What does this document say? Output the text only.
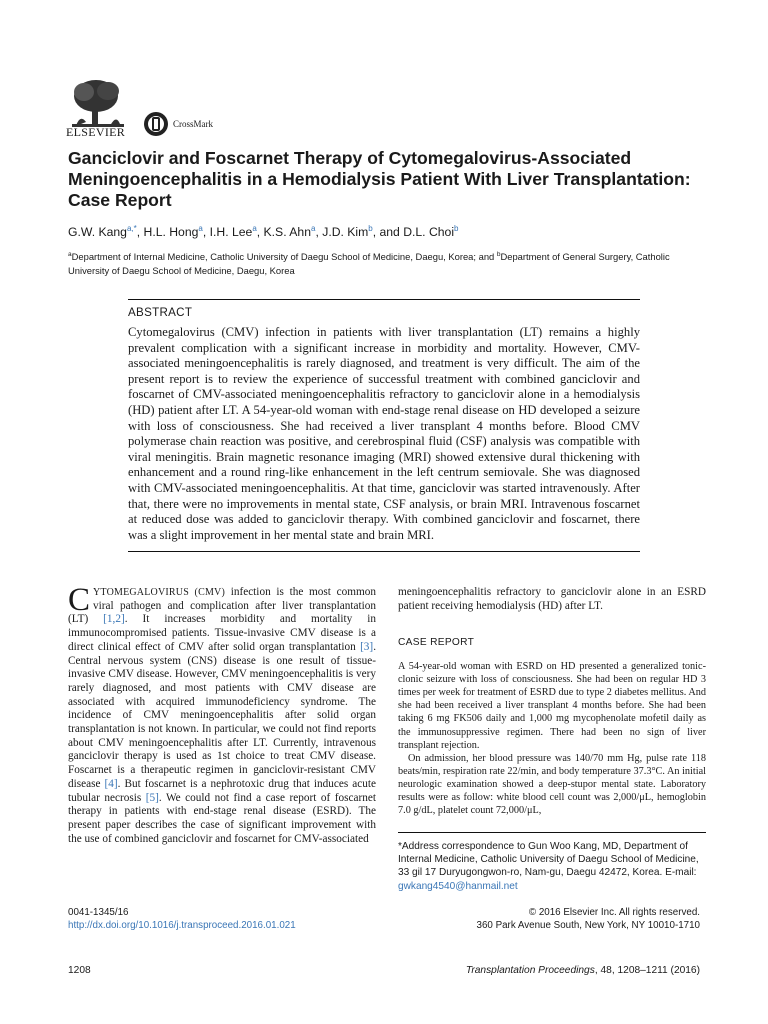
ELSEVIER
CrossMark
Ganciclovir and Foscarnet Therapy of Cytomegalovirus-Associated Meningoencephalitis in a Hemodialysis Patient With Liver Transplantation: Case Report
G.W. Kang$^{a,*}$, H.L. Hong$^a$, I.H. Lee$^a$, K.S. Ahn$^a$, J.D. Kim$^b$, and D.L. Choi$^b$
$^a$Department of Internal Medicine, Catholic University of Daegu School of Medicine, Daegu, Korea; and $^b$Department of General Surgery, Catholic University of Daegu School of Medicine, Daegu, Korea
ABSTRACT
Cytomegalovirus (CMV) infection in patients with liver transplantation (LT) remains a highly prevalent complication with a significant increase in morbidity and mortality. However, CMV-associated meningoencephalitis is rarely diagnosed, and treatment is very difficult. The aim of the present report is to review the experience of successful treatment with combined ganciclovir and foscarnet of CMV-associated meningoencephalitis refractory to ganciclovir alone in a hemodialysis (HD) patient after LT. A 54-year-old woman with end-stage renal disease on HD developed a seizure with loss of consciousness. She had received a liver transplant 4 months before. Blood CMV polymerase chain reaction was positive, and cerebrospinal fluid (CSF) analysis was compatible with viral meningitis. Brain magnetic resonance imaging (MRI) showed extensive dural thickening with enhancement and a round ring-like enhancement in the left centrum semiovale. She was diagnosed with CMV-associated meningoencephalitis. At that time, ganciclovir was started intravenously. After that, there were no improvements in mental state, CSF analysis, or brain MRI. Intravenous foscarnet at reduced dose was added to ganciclovir therapy. With combined ganciclovir and foscarnet, there was a slight improvement in her mental state and brain MRI.
CYTOMEGALOVIRUS (CMV) infection is the most common viral pathogen and complication after liver transplantation (LT) [1,2]. It increases morbidity and mortality in immunocompromised patients. Tissue-invasive CMV disease is a direct clinical effect of CMV after solid organ transplantation [3]. Central nervous system (CNS) disease is one result of tissue-invasive CMV disease. However, CMV meningoencephalitis is very rarely diagnosed, and most patients with CMV disease are associated with acquired immunodeficiency syndrome. The incidence of CMV meningoencephalitis after solid organ transplantation is not known. In particular, we could not find reports about CMV meningoencephalitis after LT. Currently, intravenous ganciclovir therapy is used as 1st choice to treat CMV disease. Foscarnet is a therapeutic regimen in ganciclovir-resistant CMV disease [4]. But foscarnet is a nephrotoxic drug that induces acute tubular necrosis [5]. We could not find a case report of foscarnet therapy in patients with end-stage renal disease (ESRD). The present paper describes the case of significant improvement with the use of combined ganciclovir and foscarnet for CMV-associated
meningoencephalitis refractory to ganciclovir alone in an ESRD patient receiving hemodialysis (HD) after LT.
CASE REPORT
A 54-year-old woman with ESRD on HD presented a generalized tonic-clonic seizure with loss of consciousness. She had been on regular HD 3 times per week for treatment of ESRD due to type 2 diabetes mellitus. And she had been received a liver transplant 4 months before. She had been taking 6 mg FK506 daily and 1,000 mg mycophenolate mofetil daily as the immunosuppressive regimen. There had been no sign of liver transplant rejection.
On admission, her blood pressure was 140/70 mm Hg, pulse rate 118 beats/min, respiration rate 22/min, and body temperature 37.3°C. An initial neurologic examination showed a deep-stupor mental state. Laboratory results were as follow: white blood cell count was 2,000/μL, hemoglobin 7.0 g/dL, platelet count 72,000/μL,
*Address correspondence to Gun Woo Kang, MD, Department of Internal Medicine, Catholic University of Daegu School of Medicine, 33 gil 17 Duryugongwon-ro, Nam-gu, Daegu 42472, Korea. E-mail: gwkang4540@hanmail.net
0041-1345/16
http://dx.doi.org/10.1016/j.transproceed.2016.01.021
© 2016 Elsevier Inc. All rights reserved.
360 Park Avenue South, New York, NY 10010-1710
1208	Transplantation Proceedings, 48, 1208–1211 (2016)
